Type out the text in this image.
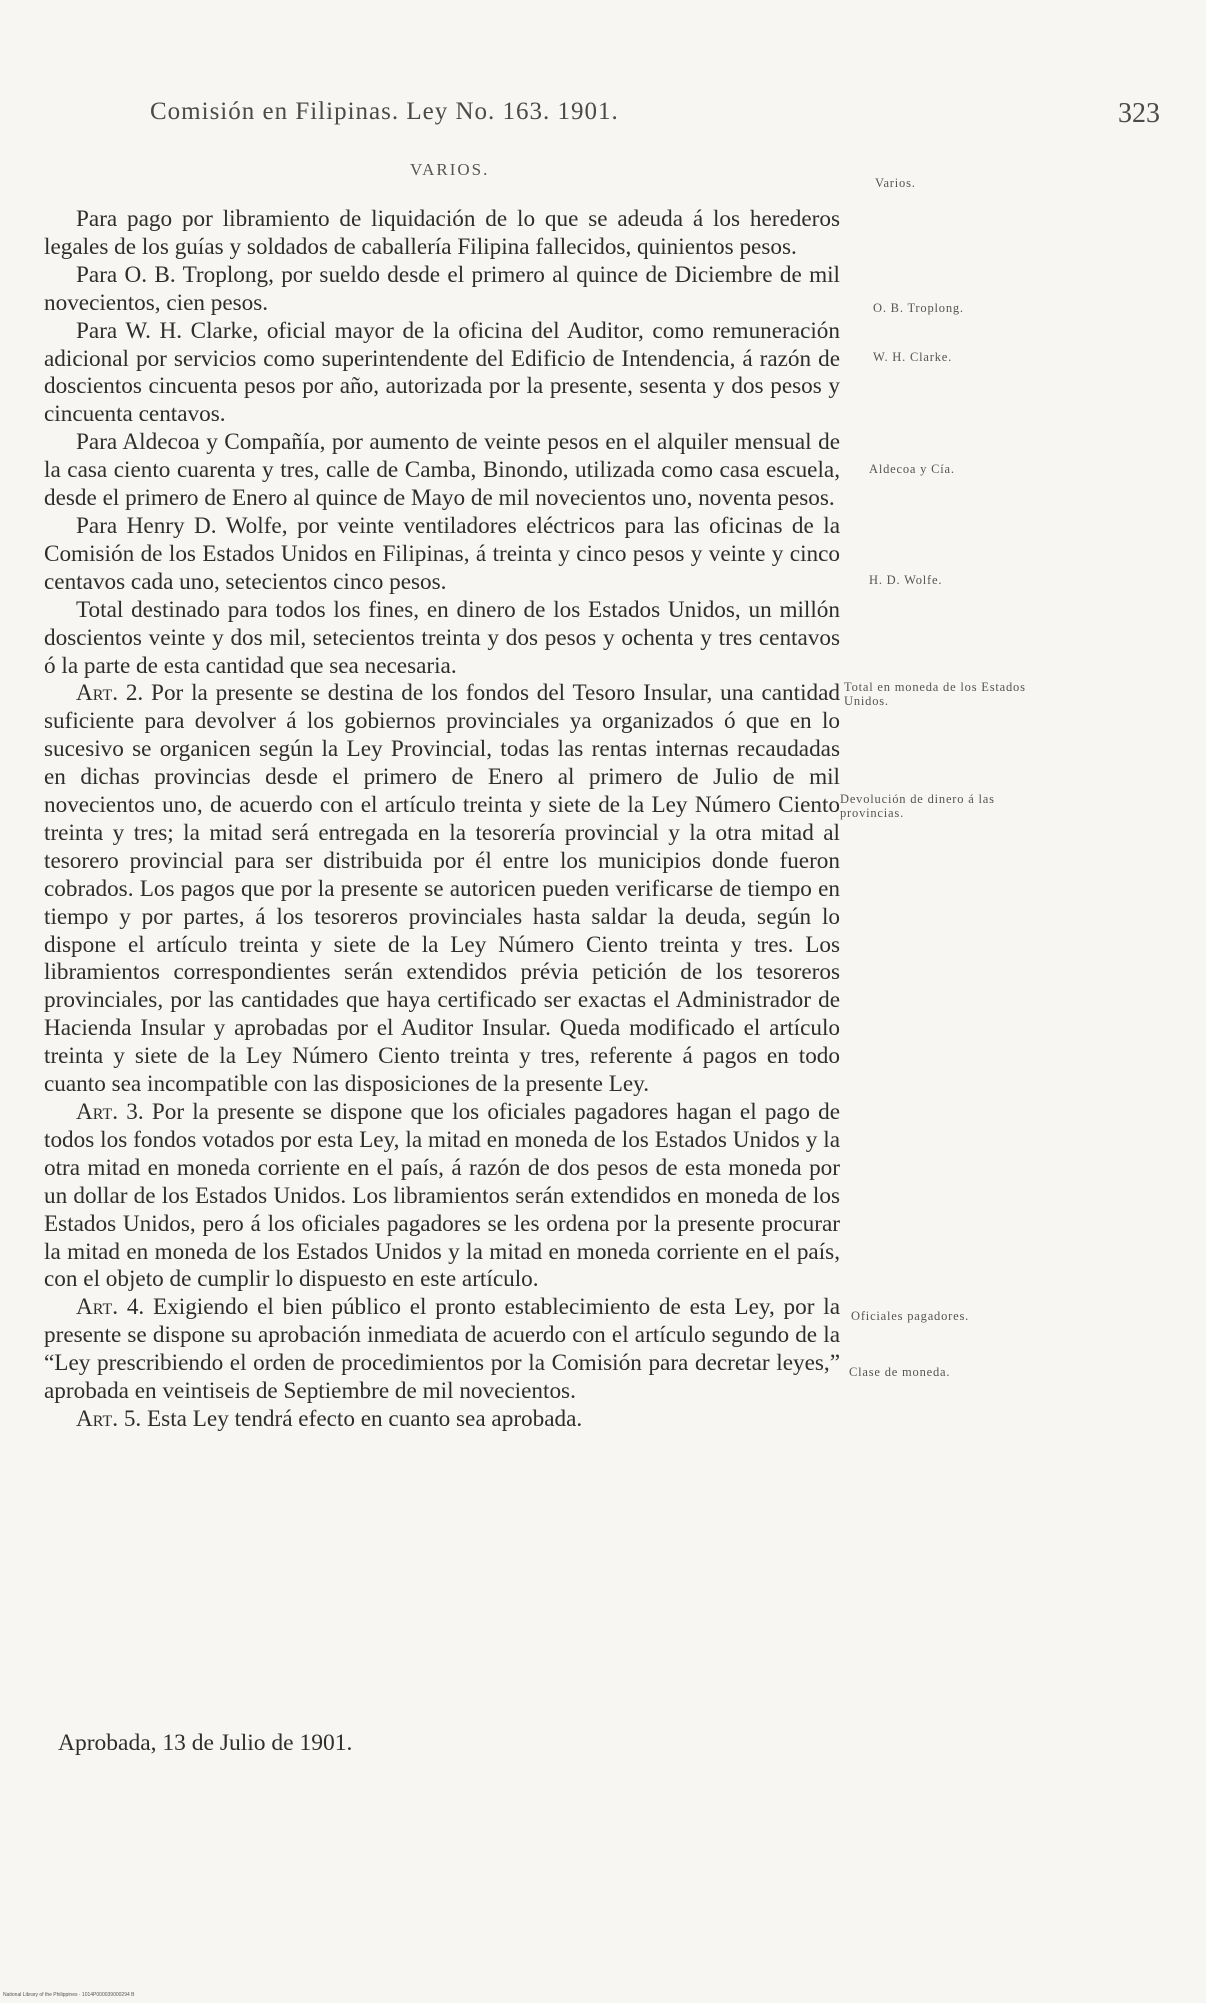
Comisión en Filipinas. Ley No. 163. 1901.	323
VARIOS.

Para pago por libramiento de liquidación de lo que se adeuda á los herederos legales de los guías y soldados de caballería Filipina fallecidos, quinientos pesos.

Para O. B. Troplong, por sueldo desde el primero al quince de Diciembre de mil novecientos, cien pesos.

Para W. H. Clarke, oficial mayor de la oficina del Auditor, como remuneración adicional por servicios como superintendente del Edificio de Intendencia, á razón de doscientos cincuenta pesos por año, autorizada por la presente, sesenta y dos pesos y cincuenta centavos.

Para Aldecoa y Compañía, por aumento de veinte pesos en el alquiler mensual de la casa ciento cuarenta y tres, calle de Camba, Binondo, utilizada como casa escuela, desde el primero de Enero al quince de Mayo de mil novecientos uno, noventa pesos.

Para Henry D. Wolfe, por veinte ventiladores eléctricos para las oficinas de la Comisión de los Estados Unidos en Filipinas, á treinta y cinco pesos y veinte y cinco centavos cada uno, setecientos cinco pesos.

Total destinado para todos los fines, en dinero de los Estados Unidos, un millón doscientos veinte y dos mil, setecientos treinta y dos pesos y ochenta y tres centavos ó la parte de esta cantidad que sea necesaria.

Art. 2. Por la presente se destina de los fondos del Tesoro Insular, una cantidad suficiente para devolver á los gobiernos provinciales ya organizados ó que en lo sucesivo se organicen según la Ley Provincial, todas las rentas internas recaudadas en dichas provincias desde el primero de Enero al primero de Julio de mil novecientos uno, de acuerdo con el artículo treinta y siete de la Ley Número Ciento treinta y tres; la mitad será entregada en la tesorería provincial y la otra mitad al tesorero provincial para ser distribuida por él entre los municipios donde fueron cobrados. Los pagos que por la presente se autoricen pueden verificarse de tiempo en tiempo y por partes, á los tesoreros provinciales hasta saldar la deuda, según lo dispone el artículo treinta y siete de la Ley Número Ciento treinta y tres. Los libramientos correspondientes serán extendidos prévia petición de los tesoreros provinciales, por las cantidades que haya certificado ser exactas el Administrador de Hacienda Insular y aprobadas por el Auditor Insular. Queda modificado el artículo treinta y siete de la Ley Número Ciento treinta y tres, referente á pagos en todo cuanto sea incompatible con las disposiciones de la presente Ley.

Art. 3. Por la presente se dispone que los oficiales pagadores hagan el pago de todos los fondos votados por esta Ley, la mitad en moneda de los Estados Unidos y la otra mitad en moneda corriente en el país, á razón de dos pesos de esta moneda por un dollar de los Estados Unidos. Los libramientos serán extendidos en moneda de los Estados Unidos, pero á los oficiales pagadores se les ordena por la presente procurar la mitad en moneda de los Estados Unidos y la mitad en moneda corriente en el país, con el objeto de cumplir lo dispuesto en este artículo.

Art. 4. Exigiendo el bien público el pronto establecimiento de esta Ley, por la presente se dispone su aprobación inmediata de acuerdo con el artículo segundo de la “Ley prescribiendo el orden de procedimientos por la Comisión para decretar leyes,” aprobada en veintiseis de Septiembre de mil novecientos.

Art. 5. Esta Ley tendrá efecto en cuanto sea aprobada.

Varios.
O. B. Troplong.
W. H. Clarke.
Aldecoa y Cía.
H. D. Wolfe.
Total en moneda de los Estados Unidos.
Devolución de dinero á las provincias.
Oficiales pagadores.
Clase de moneda.
Aprobada, 13 de Julio de 1901.
National Library of the Philippines · 1014P000039000294 B
